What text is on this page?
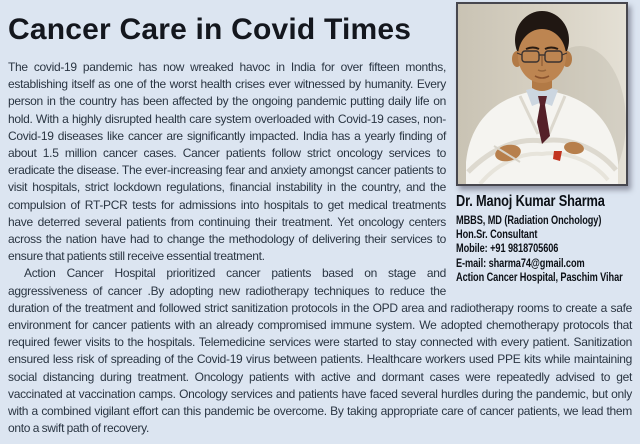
Dr. Manoj Kumar Sharma
MBBS, MD (Radiation Onchology)
Hon.Sr. Consultant
Mobile: +91 9818705606
E-mail: sharma74@gmail.com
Action Cancer Hospital, Paschim Vihar
Cancer Care in Covid Times

The covid-19 pandemic has now wreaked havoc in India for over fifteen months, establishing itself as one of the worst health crises ever witnessed by humanity. Every person in the country has been affected by the ongoing pandemic putting daily life on hold. With a highly disrupted health care system overloaded with Covid-19 cases, non-Covid-19 diseases like cancer are significantly impacted. India has a yearly finding of about 1.5 million cancer cases. Cancer patients follow strict oncology services to eradicate the disease. The ever-increasing fear and anxiety amongst cancer patients to visit hospitals, strict lockdown regulations, financial instability in the country, and the compulsion of RT-PCR tests for admissions into hospitals to get medical treatments have deterred several patients from continuing their treatment. Yet oncology centers across the nation have had to change the methodology of delivering their services to ensure that patients still receive essential treatment.

Action Cancer Hospital prioritized cancer patients based on stage and aggressiveness of cancer .By adopting new radiotherapy techniques to reduce the duration of the treatment and followed strict sanitization protocols in the OPD area and radiotherapy rooms to create a safe environment for cancer patients with an already compromised immune system. We adopted chemotherapy protocols that required fewer visits to the hospitals. Telemedicine services were started to stay connected with every patient. Sanitization ensured less risk of spreading of the Covid-19 virus between patients. Healthcare workers used PPE kits while maintaining social distancing during treatment. Oncology patients with active and dormant cases were repeatedly advised to get vaccinated at vaccination camps. Oncology services and patients have faced several hurdles during the pandemic, but only with a combined vigilant effort can this pandemic be overcome. By taking appropriate care of cancer patients, we lead them onto a swift path of recovery.
